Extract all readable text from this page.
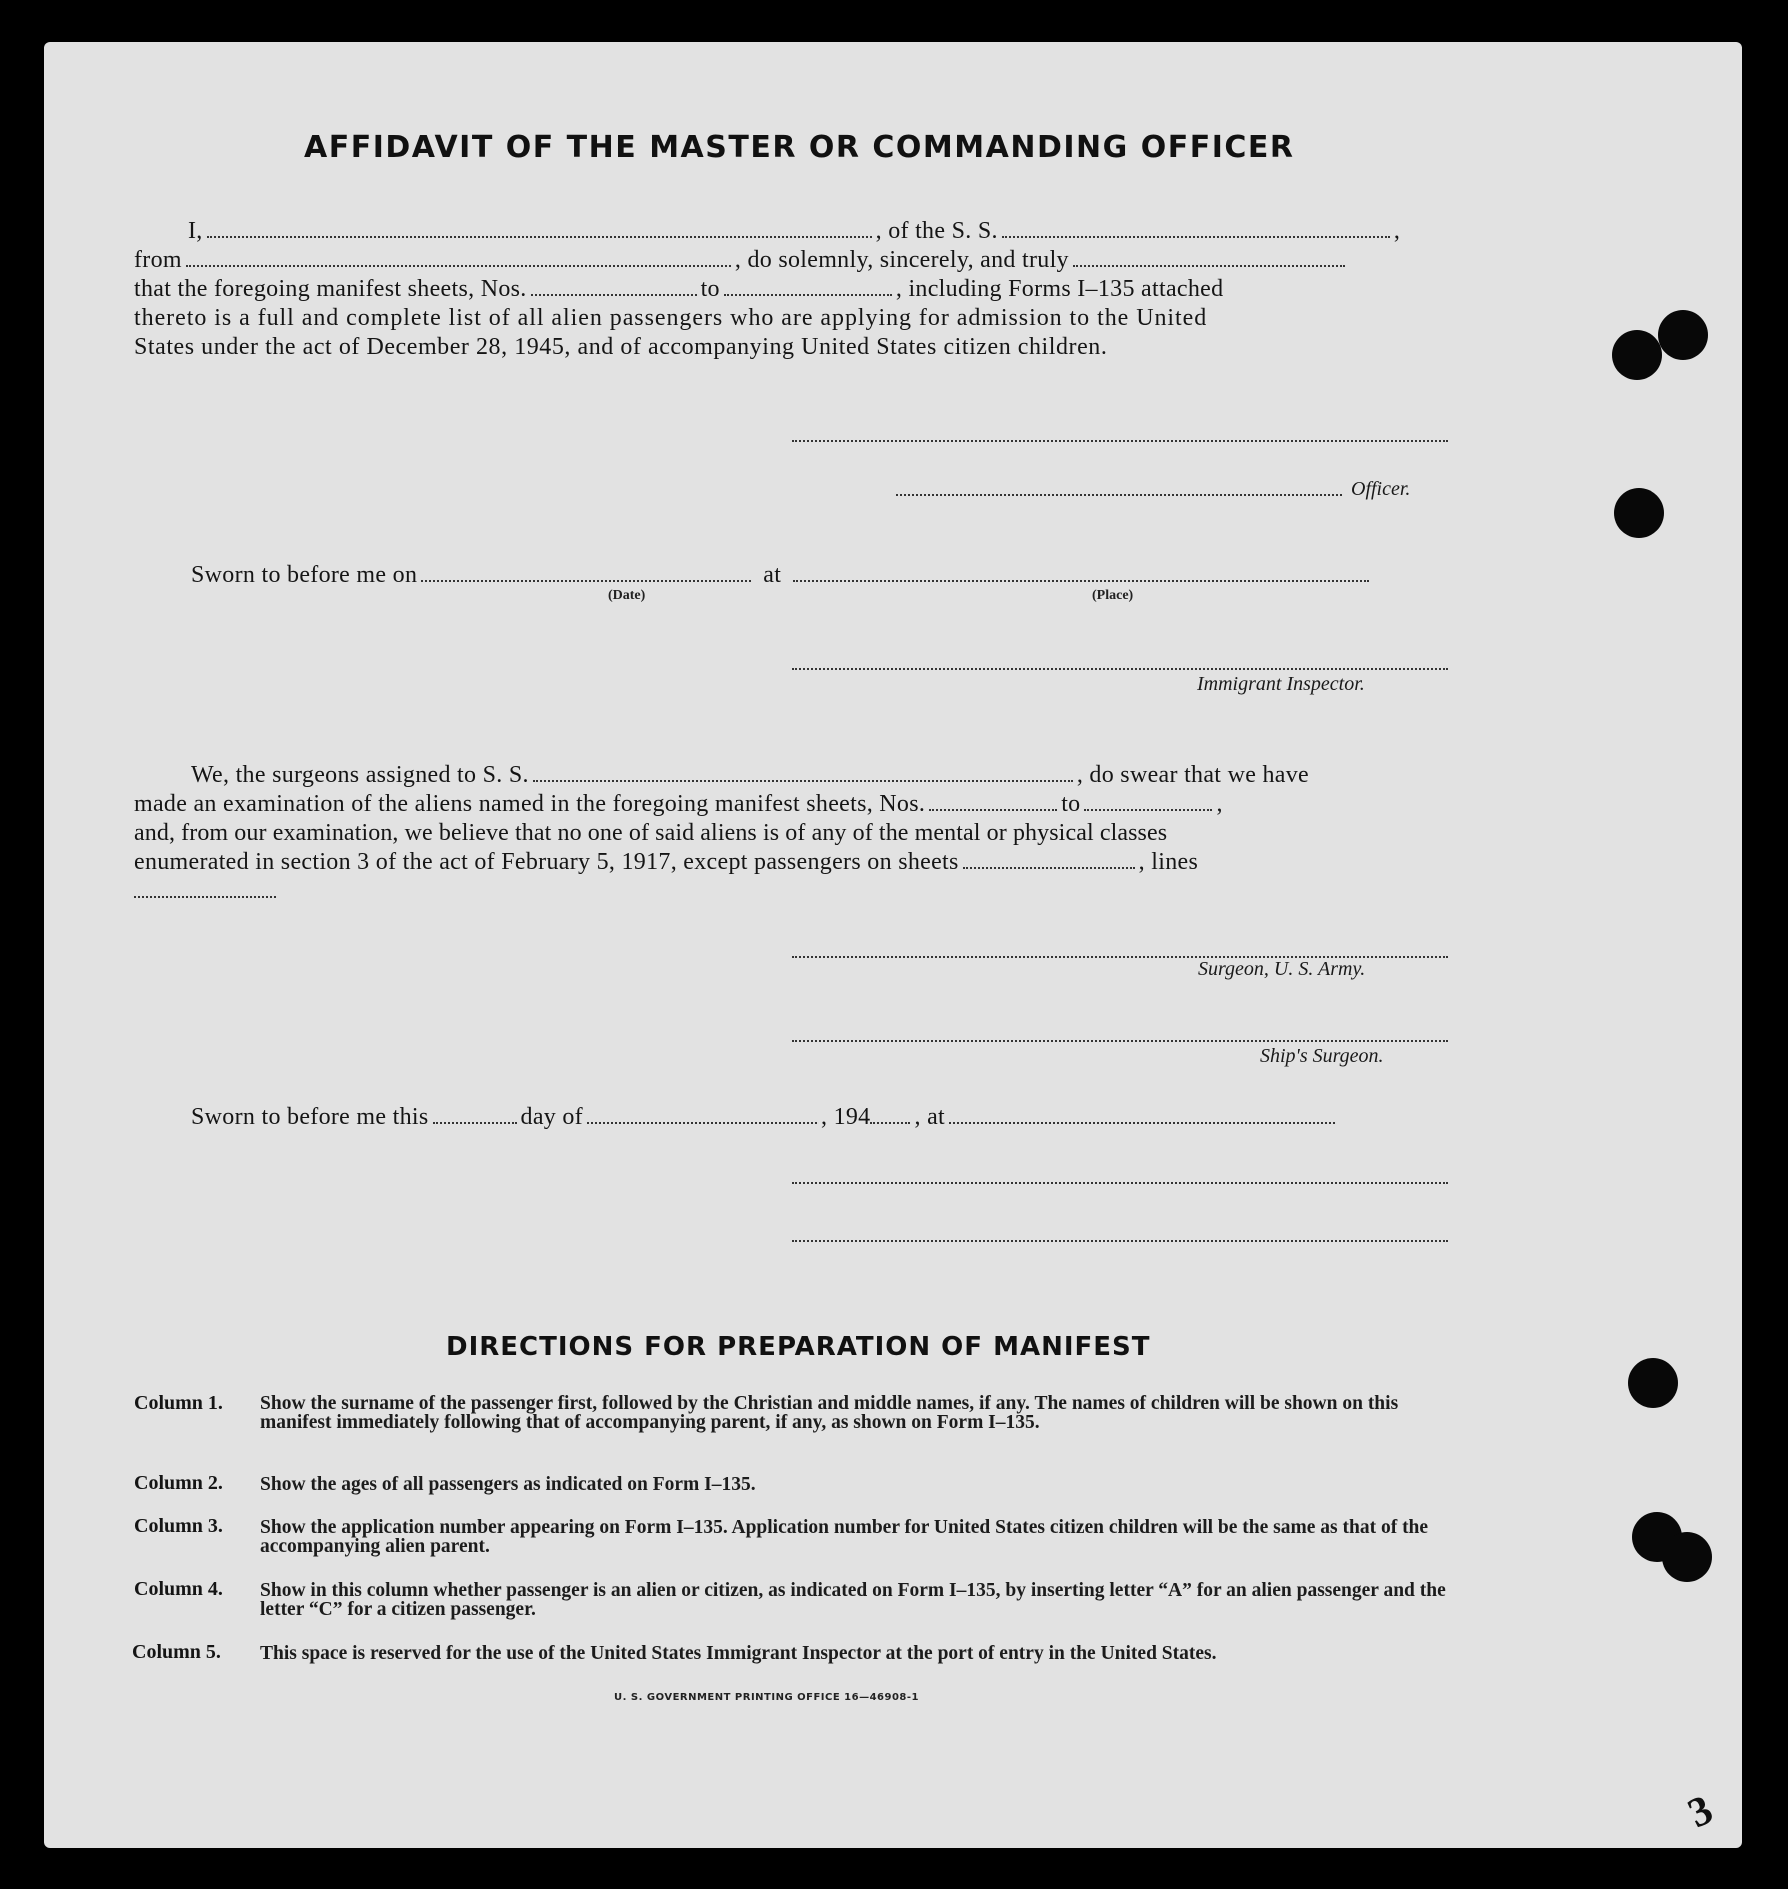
AFFIDAVIT OF THE MASTER OR COMMANDING OFFICER
I,	, of the S. S.	,
from	, do solemnly, sincerely, and truly
that the foregoing manifest sheets, Nos.	to	, including Forms I–135 attached
thereto is a full and complete list of all alien passengers who are applying for admission to the United
States under the act of December 28, 1945, and of accompanying United States citizen children.
Officer.
Sworn to before me on	at
(Date)	(Place)
Immigrant Inspector.
We, the surgeons assigned to S. S.	, do swear that we have
made an examination of the aliens named in the foregoing manifest sheets, Nos.	to	,
and, from our examination, we believe that no one of said aliens is of any of the mental or physical classes
enumerated in section 3 of the act of February 5, 1917, except passengers on sheets	, lines
Surgeon, U. S. Army.
Ship's Surgeon.
Sworn to before me this	day of	, 194 , at
DIRECTIONS FOR PREPARATION OF MANIFEST
Column 1.	Show the surname of the passenger first, followed by the Christian and middle names, if any. The names of children will be shown on this manifest immediately following that of accompanying parent, if any, as shown on Form I–135.
Column 2. Show the ages of all passengers as indicated on Form I–135.
Column 3. Show the application number appearing on Form I–135. Application number for United States citizen children will be the same as that of the accompanying alien parent.
Column 4. Show in this column whether passenger is an alien or citizen, as indicated on Form I–135, by inserting letter “A” for an alien passenger and the letter “C” for a citizen passenger.
Column 5. This space is reserved for the use of the United States Immigrant Inspector at the port of entry in the United States.
U. S. GOVERNMENT PRINTING OFFICE 16—46908-1
3
